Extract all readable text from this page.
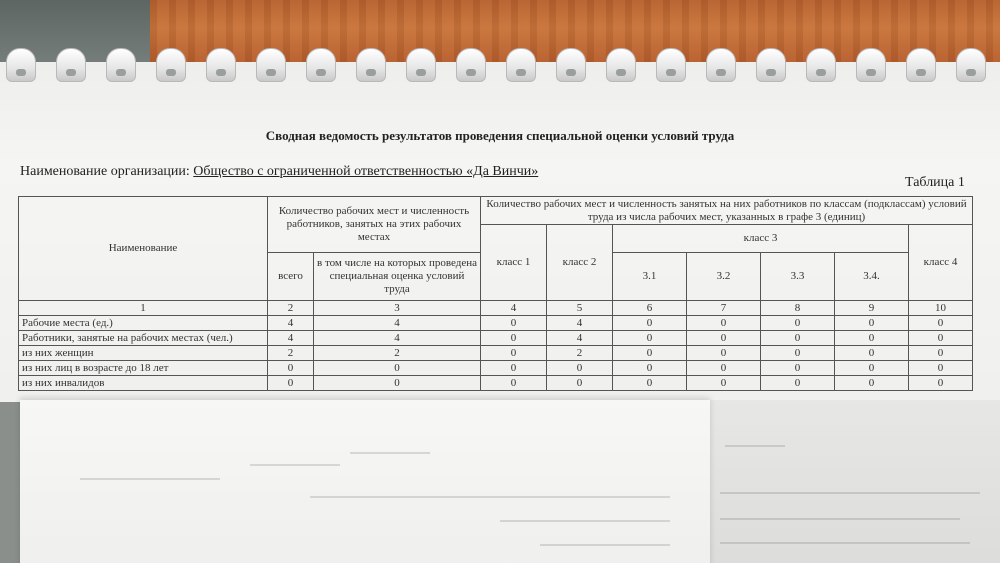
Сводная ведомость результатов проведения специальной оценки условий труда
Наименование организации: Общество с ограниченной ответственностью «Да Винчи»
Таблица 1
Наименование	Количество рабочих мест и численность работников, занятых на этих рабочих местах		Количество рабочих мест и численность занятых на них работников по классам (подклассам) условий труда из числа рабочих мест, указанных в графе 3 (единиц)						
			класс 1	класс 2	класс 3				класс 4
	всего	в том числе на которых проведена специальная оценка условий труда			3.1	3.2	3.3	3.4.	
1	2	3	4	5	6	7	8	9	10
Рабочие места (ед.)	4	4	0	4	0	0	0	0	0
Работники, занятые на рабочих местах (чел.)	4	4	0	4	0	0	0	0	0
из них женщин	2	2	0	2	0	0	0	0	0
из них лиц в возрасте до 18 лет	0	0	0	0	0	0	0	0	0
из них инвалидов	0	0	0	0	0	0	0	0	0
